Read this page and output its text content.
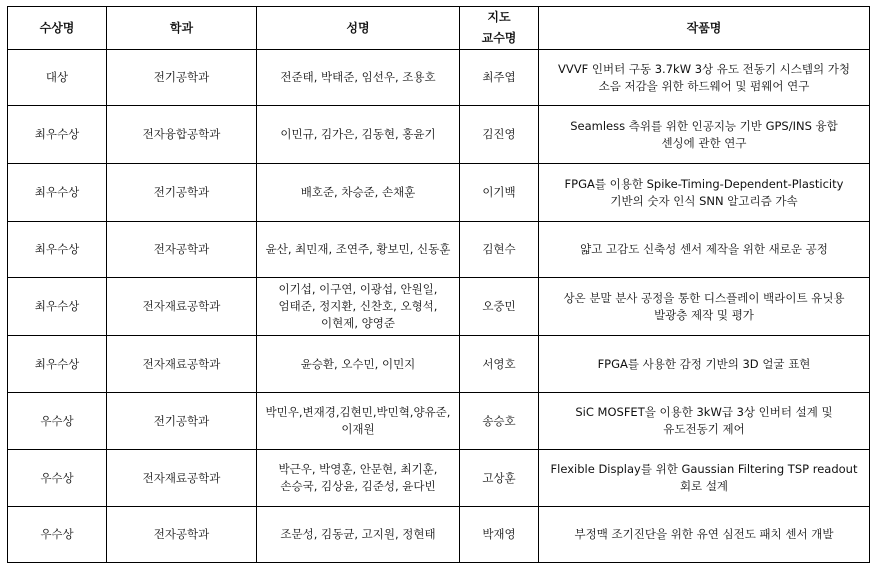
수상명	학과	성명	지도
교수명	작품명
대상	전기공학과	전준태, 박태준, 임선우, 조용호	최주엽	VVVF 인버터 구동 3.7kW 3상 유도 전동기 시스템의 가청
소음 저감을 위한 하드웨어 및 펌웨어 연구
최우수상	전자융합공학과	이민규, 김가은, 김동현, 홍윤기	김진영	Seamless 측위를 위한 인공지능 기반 GPS/INS 융합
센싱에 관한 연구
최우수상	전기공학과	배호준, 차승준, 손채훈	이기백	FPGA를 이용한 Spike-Timing-Dependent-Plasticity
기반의 숫자 인식 SNN 알고리즘 가속
최우수상	전자공학과	윤산, 최민재, 조연주, 황보민, 신동훈	김현수	얇고 고감도 신축성 센서 제작을 위한 새로운 공정
최우수상	전자재료공학과	이기섭, 이구연, 이광섭, 안원일,
엄태준, 정지환, 신찬호, 오형석,
이현제, 양영준	오중민	상온 분말 분사 공정을 통한 디스플레이 백라이트 유닛용
발광층 제작 및 평가
최우수상	전자재료공학과	윤승환, 오수민, 이민지	서영호	FPGA를 사용한 감정 기반의 3D 얼굴 표현
우수상	전기공학과	박민우,변재경,김현민,박민혁,양유준,
이재원	송승호	SiC MOSFET을 이용한 3kW급 3상 인버터 설계 및
유도전동기 제어
우수상	전자재료공학과	박근우, 박영훈, 안문현, 최기훈,
손승국, 김상윤, 김준성, 윤다빈	고상훈	Flexible Display를 위한 Gaussian Filtering TSP readout
회로 설계
우수상	전자공학과	조문성, 김동균, 고지원, 정현태	박재영	부정맥 조기진단을 위한 유연 심전도 패치 센서 개발
